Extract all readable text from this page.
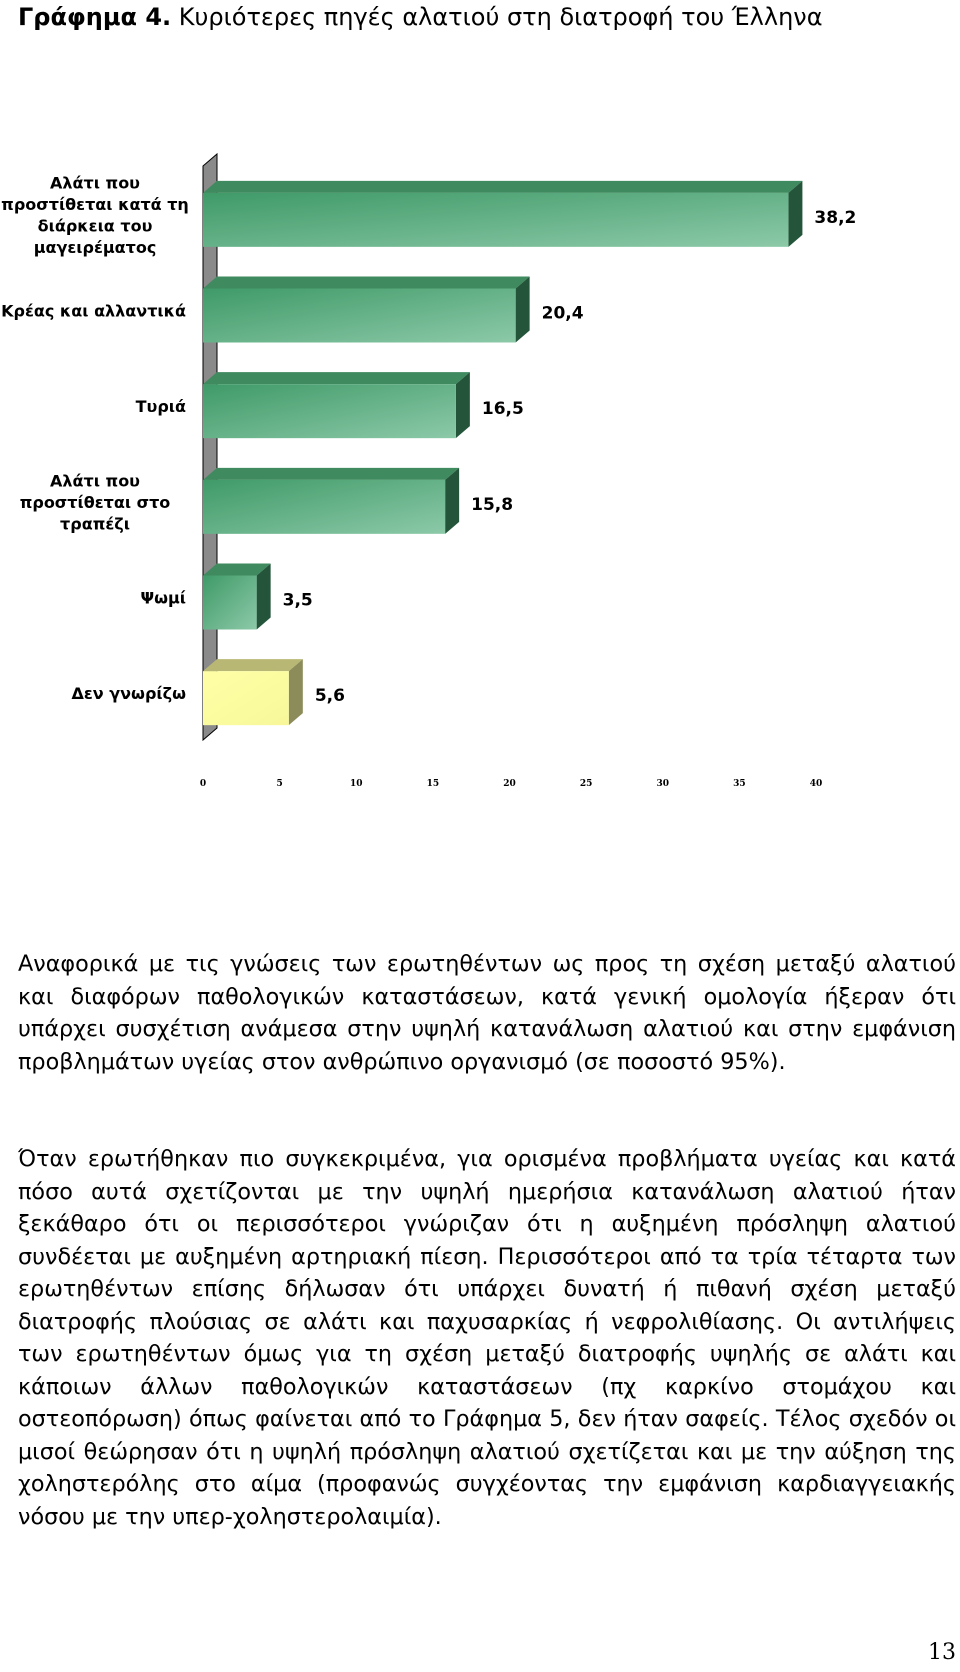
Γράφημα 4. Κυριότερες πηγές αλατιού στη διατροφή του Έλληνα
38,2
Αλάτι που προστίθεται κατά τη διάρκεια του μαγειρέματος
20,4
Κρέας και αλλαντικά
16,5
Τυριά
15,8
Αλάτι που προστίθεται στο τραπέζι
3,5
Ψωμί
5,6
Δεν γνωρίζω
0	5	10	15	20	25	30	35	40

Αναφορικά με τις γνώσεις των ερωτηθέντων ως προς τη σχέση μεταξύ αλατιού και διαφόρων παθολογικών καταστάσεων, κατά γενική ομολογία ήξεραν ότι υπάρχει συσχέτιση ανάμεσα στην υψηλή κατανάλωση αλατιού και στην εμφάνιση προβλημάτων υγείας στον ανθρώπινο οργανισμό (σε ποσοστό 95%).

Όταν ερωτήθηκαν πιο συγκεκριμένα, για ορισμένα προβλήματα υγείας και κατά πόσο αυτά σχετίζονται με την υψηλή ημερήσια κατανάλωση αλατιού ήταν ξεκάθαρο ότι οι περισσότεροι γνώριζαν ότι η αυξημένη πρόσληψη αλατιού συνδέεται με αυξημένη αρτηριακή πίεση. Περισσότεροι από τα τρία τέταρτα των ερωτηθέντων επίσης δήλωσαν ότι υπάρχει δυνατή ή πιθανή σχέση μεταξύ διατροφής πλούσιας σε αλάτι και παχυσαρκίας ή νεφρολιθίασης. Οι αντιλήψεις των ερωτηθέντων όμως για τη σχέση μεταξύ διατροφής υψηλής σε αλάτι και κάποιων άλλων παθολογικών καταστάσεων (πχ καρκίνο στομάχου και οστεοπόρωση) όπως φαίνεται από το Γράφημα 5, δεν ήταν σαφείς. Τέλος σχεδόν οι μισοί θεώρησαν ότι η υψηλή πρόσληψη αλατιού σχετίζεται και με την αύξηση της χοληστερόλης στο αίμα (προφανώς συγχέοντας την εμφάνιση καρδιαγγειακής νόσου με την υπερ-χοληστερολαιμία).

13
